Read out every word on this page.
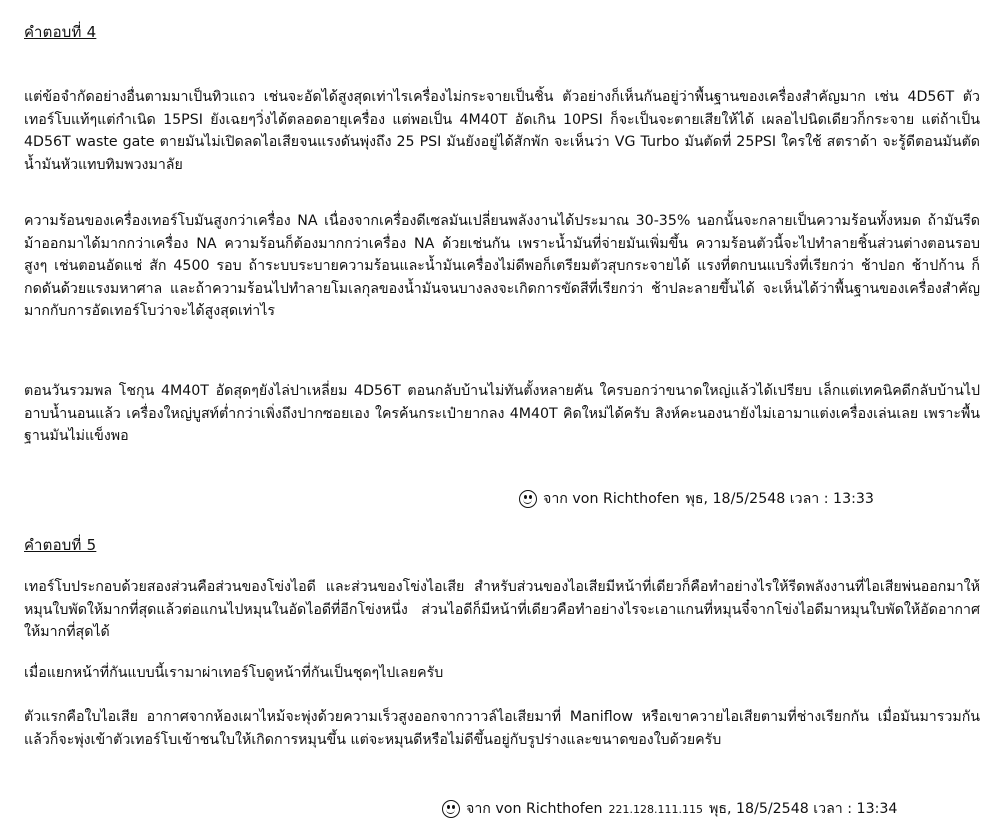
คำตอบที่ 4

แต่ข้อจำกัดอย่างอื่นตามมาเป็นทิวแถว เช่นจะอัดได้สูงสุดเท่าไรเครื่องไม่กระจายเป็นชิ้น ตัวอย่างก็เห็นกันอยู่ว่าพื้นฐานของเครื่องสำคัญมาก เช่น 4D56T ตัวเทอร์โบแท้ๆแต่กำเนิด 15PSI ยังเฉยๆวิ่งได้ตลอดอายุเครื่อง แต่พอเป็น 4M40T อัดเกิน 10PSI ก็จะเป็นจะตายเสียให้ได้ เผลอไปนิดเดียวก็กระจาย แต่ถ้าเป็น 4D56T waste gate ตายมันไม่เปิดลดไอเสียจนแรงดันพุ่งถึง 25 PSI มันยังอยู่ได้สักพัก จะเห็นว่า VG Turbo มันตัดที่ 25PSI ใครใช้ สตราด้า จะรู้ดีตอนมันตัดน้ำมันหัวแทบทิมพวงมาลัย

ความร้อนของเครื่องเทอร์โบมันสูงกว่าเครื่อง NA เนื่องจากเครื่องดีเซลมันเปลี่ยนพลังงานได้ประมาณ 30-35% นอกนั้นจะกลายเป็นความร้อนทั้งหมด ถ้ามันรีดม้าออกมาได้มากกว่าเครื่อง NA ความร้อนก็ต้องมากกว่าเครื่อง NA ด้วยเช่นกัน เพราะน้ำมันที่จ่ายมันเพิ่มขึ้น ความร้อนตัวนี้จะไปทำลายชิ้นส่วนต่างตอนรอบสูงๆ เช่นตอนอัดแช่ สัก 4500 รอบ ถ้าระบบระบายความร้อนและน้ำมันเครื่องไม่ดีพอก็เตรียมตัวสุบกระจายได้ แรงที่ตกบนแบริ่งที่เรียกว่า ช้าปอก ช้าปก้าน ก็กดดันด้วยแรงมหาศาล และถ้าความร้อนไปทำลายโมเลกุลของน้ำมันจนบางลงจะเกิดการขัดสีที่เรียกว่า ช้าปละลายขึ้นได้ จะเห็นได้ว่าพื้นฐานของเครื่องสำคัญมากกับการอัดเทอร์โบว่าจะได้สูงสุดเท่าไร

ตอนวันรวมพล โชกุน 4M40T อัดสุดๆยังไล่ปาเหลี่ยม 4D56T ตอนกลับบ้านไม่ทันตั้งหลายคัน ใครบอกว่าขนาดใหญ่แล้วได้เปรียบ เล็กแต่เทคนิคดีกลับบ้านไปอาบน้ำนอนแล้ว เครื่องใหญ่บูสท์ต่ำกว่าเพิ่งถึงปากซอยเอง ใครค้นกระเป๋ายากลง 4M40T คิดใหม่ได้ครับ สิงห์คะนองนายังไม่เอามาแต่งเครื่องเล่นเลย เพราะพื้นฐานมันไม่แข็งพอ

จาก von Richthofen พุธ, 18/5/2548 เวลา : 13:33
คำตอบที่ 5

เทอร์โบประกอบด้วยสองส่วนคือส่วนของโข่งไอดี และส่วนของโข่งไอเสีย สำหรับส่วนของไอเสียมีหน้าที่เดียวก็คือทำอย่างไรให้รีดพลังงานที่ไอเสียพ่นออกมาให้หมุนใบพัดให้มากที่สุดแล้วต่อแกนไปหมุนในอัดไอดีที่อีกโข่งหนึ่ง ส่วนไอดีก็มีหน้าที่เดียวคือทำอย่างไรจะเอาแกนที่หมุนจี๋จากโข่งไอดีมาหมุนใบพัดให้อัดอากาศให้มากที่สุดได้

เมื่อแยกหน้าที่กันแบบนี้เรามาผ่าเทอร์โบดูหน้าที่กันเป็นชุดๆไปเลยครับ

ตัวแรกคือใบไอเสีย อากาศจากห้องเผาไหม้จะพุ่งด้วยความเร็วสูงออกจากวาวล์ไอเสียมาที่ Maniflow หรือเขาควายไอเสียตามที่ช่างเรียกกัน เมื่อมันมารวมกันแล้วก็จะพุ่งเข้าตัวเทอร์โบเข้าชนใบให้เกิดการหมุนขึ้น แต่จะหมุนดีหรือไม่ดีขึ้นอยู่กับรูปร่างและขนาดของใบด้วยครับ

จาก von Richthofen 221.128.111.115 พุธ, 18/5/2548 เวลา : 13:34
